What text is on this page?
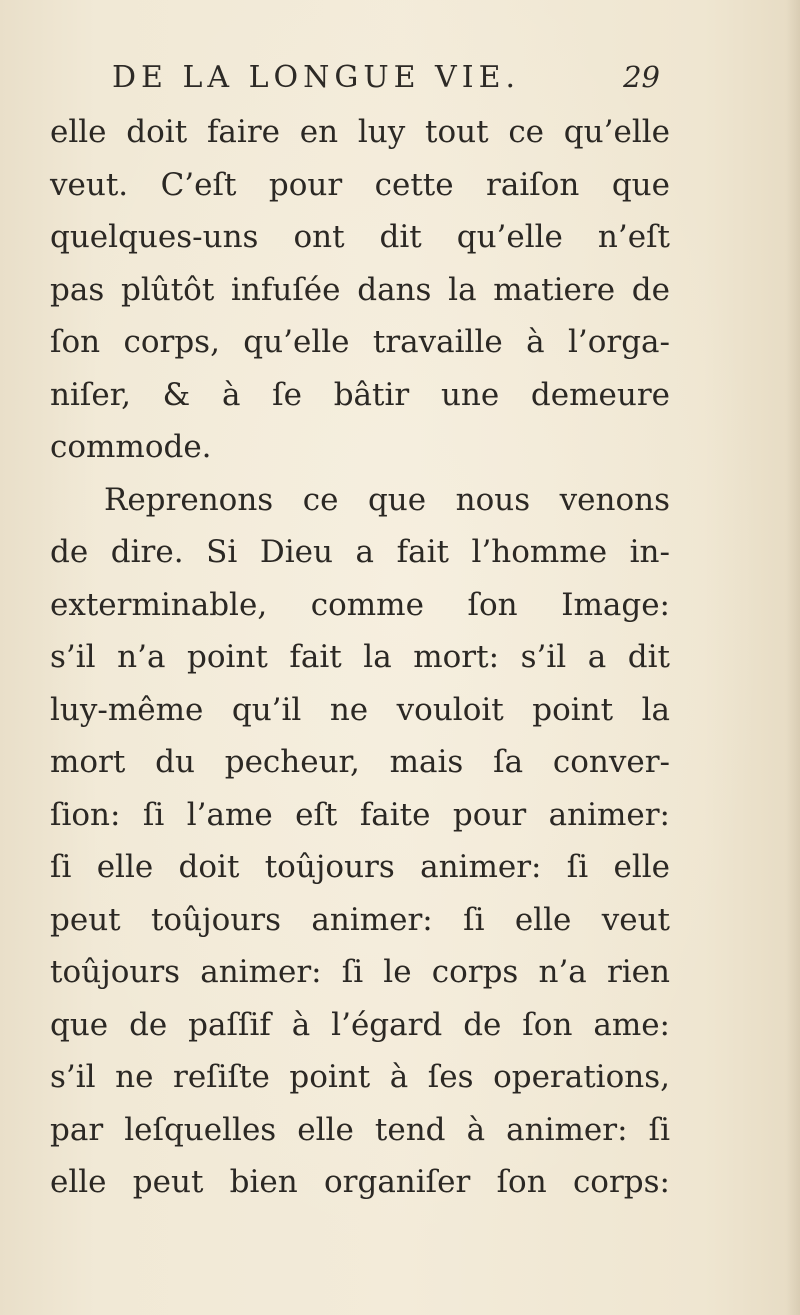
DE LA LONGUE VIE.	29
elle doit faire en luy tout ce qu’elle
veut. C’eſt pour cette raiſon que
quelques-uns ont dit qu’elle n’eſt
pas plûtôt infuſée dans la matiere de
ſon corps, qu’elle travaille à l’orga-
niſer, & à ſe bâtir une demeure
commode.
Reprenons ce que nous venons
de dire. Si Dieu a fait l’homme in-
exterminable, comme ſon Image:
s’il n’a point fait la mort: s’il a dit
luy-même qu’il ne vouloit point la
mort du pecheur, mais ſa conver-
ſion: ſi l’ame eſt faite pour animer:
ſi elle doit toûjours animer: ſi elle
peut toûjours animer: ſi elle veut
toûjours animer: ſi le corps n’a rien
que de paſſif à l’égard de ſon ame:
s’il ne reſiſte point à ſes operations,
par leſquelles elle tend à animer: ſi
elle peut bien organiſer ſon corps:
